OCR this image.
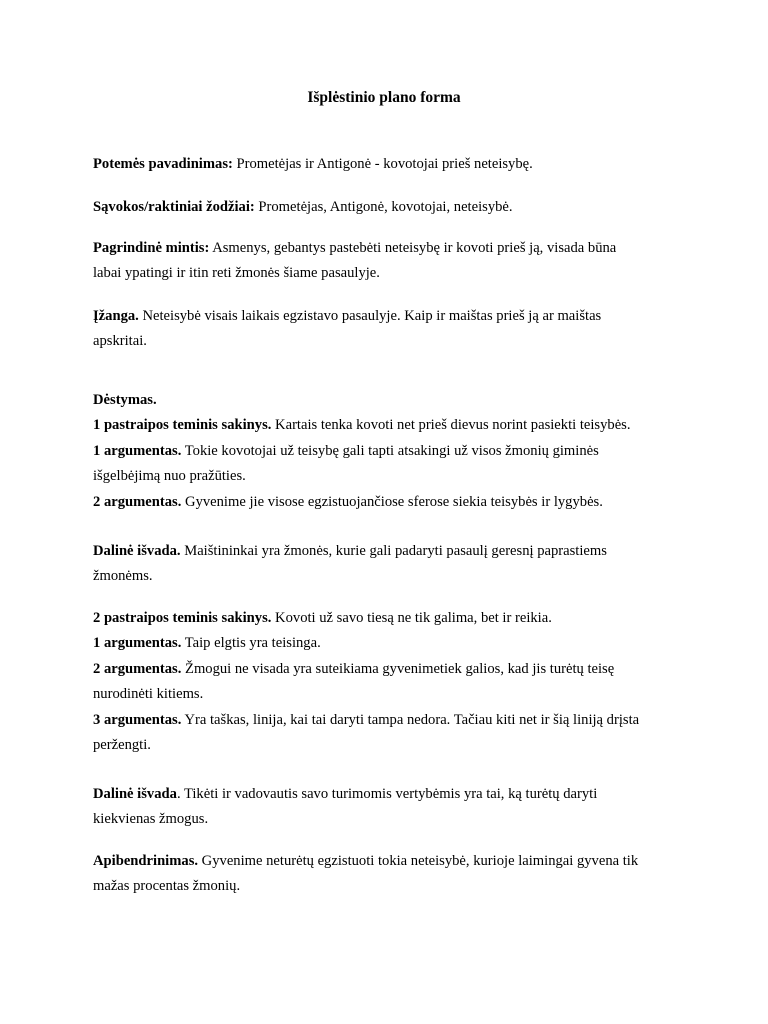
Išplėstinio plano forma

Potemės pavadinimas: Prometėjas ir Antigonė - kovotojai prieš neteisybę.

Sąvokos/raktiniai žodžiai: Prometėjas, Antigonė, kovotojai, neteisybė.

Pagrindinė mintis: Asmenys, gebantys pastebėti neteisybę ir kovoti prieš ją, visada būna
labai ypatingi ir itin reti žmonės šiame pasaulyje.

Įžanga. Neteisybė visais laikais egzistavo pasaulyje. Kaip ir maištas prieš ją ar maištas
apskritai.

Dėstymas.
1 pastraipos teminis sakinys. Kartais tenka kovoti net prieš dievus norint pasiekti teisybės.
1 argumentas. Tokie kovotojai už teisybę gali tapti atsakingi už visos žmonių giminės
išgelbėjimą nuo pražūties.
2 argumentas. Gyvenime jie visose egzistuojančiose sferose siekia teisybės ir lygybės.

Dalinė išvada. Maištininkai yra žmonės, kurie gali padaryti pasaulį geresnį paprastiems
žmonėms.

2 pastraipos teminis sakinys. Kovoti už savo tiesą ne tik galima, bet ir reikia.
1 argumentas. Taip elgtis yra teisinga.
2 argumentas. Žmogui ne visada yra suteikiama gyvenimetiek galios, kad jis turėtų teisę
nurodinėti kitiems.
3 argumentas. Yra taškas, linija, kai tai daryti tampa nedora. Tačiau kiti net ir šią liniją drįsta
peržengti.

Dalinė išvada. Tikėti ir vadovautis savo turimomis vertybėmis yra tai, ką turėtų daryti
kiekvienas žmogus.

Apibendrinimas. Gyvenime neturėtų egzistuoti tokia neteisybė, kurioje laimingai gyvena tik
mažas procentas žmonių.
